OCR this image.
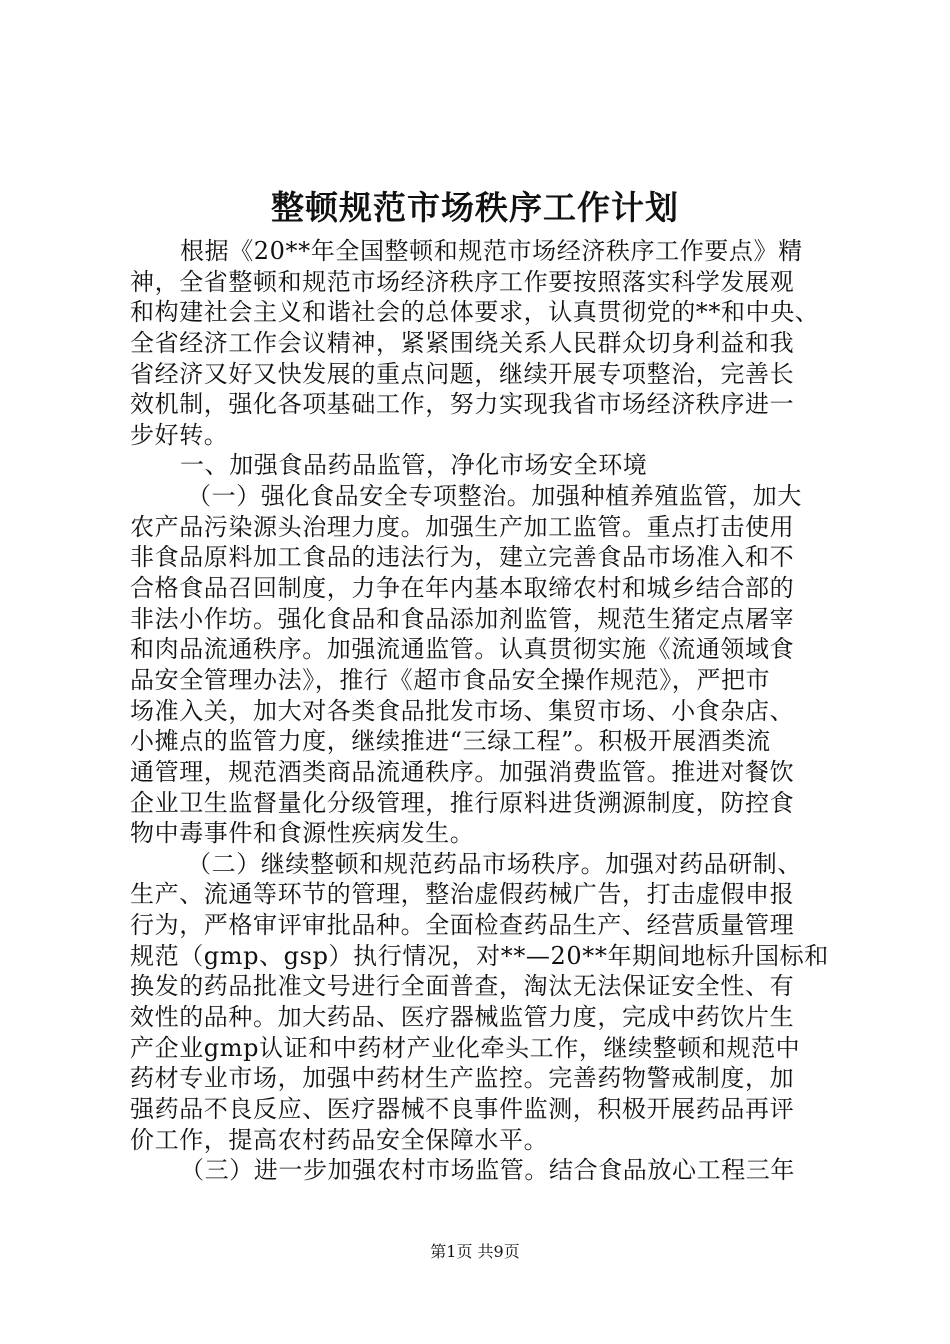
整顿规范市场秩序工作计划
根据《20**年全国整顿和规范市场经济秩序工作要点》精
神，全省整顿和规范市场经济秩序工作要按照落实科学发展观
和构建社会主义和谐社会的总体要求，认真贯彻党的**和中央、
全省经济工作会议精神，紧紧围绕关系人民群众切身利益和我
省经济又好又快发展的重点问题，继续开展专项整治，完善长
效机制，强化各项基础工作，努力实现我省市场经济秩序进一
步好转。
一、加强食品药品监管，净化市场安全环境
（一）强化食品安全专项整治。加强种植养殖监管，加大
农产品污染源头治理力度。加强生产加工监管。重点打击使用
非食品原料加工食品的违法行为，建立完善食品市场准入和不
合格食品召回制度，力争在年内基本取缔农村和城乡结合部的
非法小作坊。强化食品和食品添加剂监管，规范生猪定点屠宰
和肉品流通秩序。加强流通监管。认真贯彻实施《流通领域食
品安全管理办法》，推行《超市食品安全操作规范》，严把市
场准入关，加大对各类食品批发市场、集贸市场、小食杂店、
小摊点的监管力度，继续推进“三绿工程”。积极开展酒类流
通管理，规范酒类商品流通秩序。加强消费监管。推进对餐饮
企业卫生监督量化分级管理，推行原料进货溯源制度，防控食
物中毒事件和食源性疾病发生。
（二）继续整顿和规范药品市场秩序。加强对药品研制、
生产、流通等环节的管理，整治虚假药械广告，打击虚假申报
行为，严格审评审批品种。全面检查药品生产、经营质量管理
规范（gmp、gsp）执行情况，对**—20**年期间地标升国标和
换发的药品批准文号进行全面普查，淘汰无法保证安全性、有
效性的品种。加大药品、医疗器械监管力度，完成中药饮片生
产企业gmp认证和中药材产业化牵头工作，继续整顿和规范中
药材专业市场，加强中药材生产监控。完善药物警戒制度，加
强药品不良反应、医疗器械不良事件监测，积极开展药品再评
价工作，提高农村药品安全保障水平。
（三）进一步加强农村市场监管。结合食品放心工程三年
第1页 共9页
